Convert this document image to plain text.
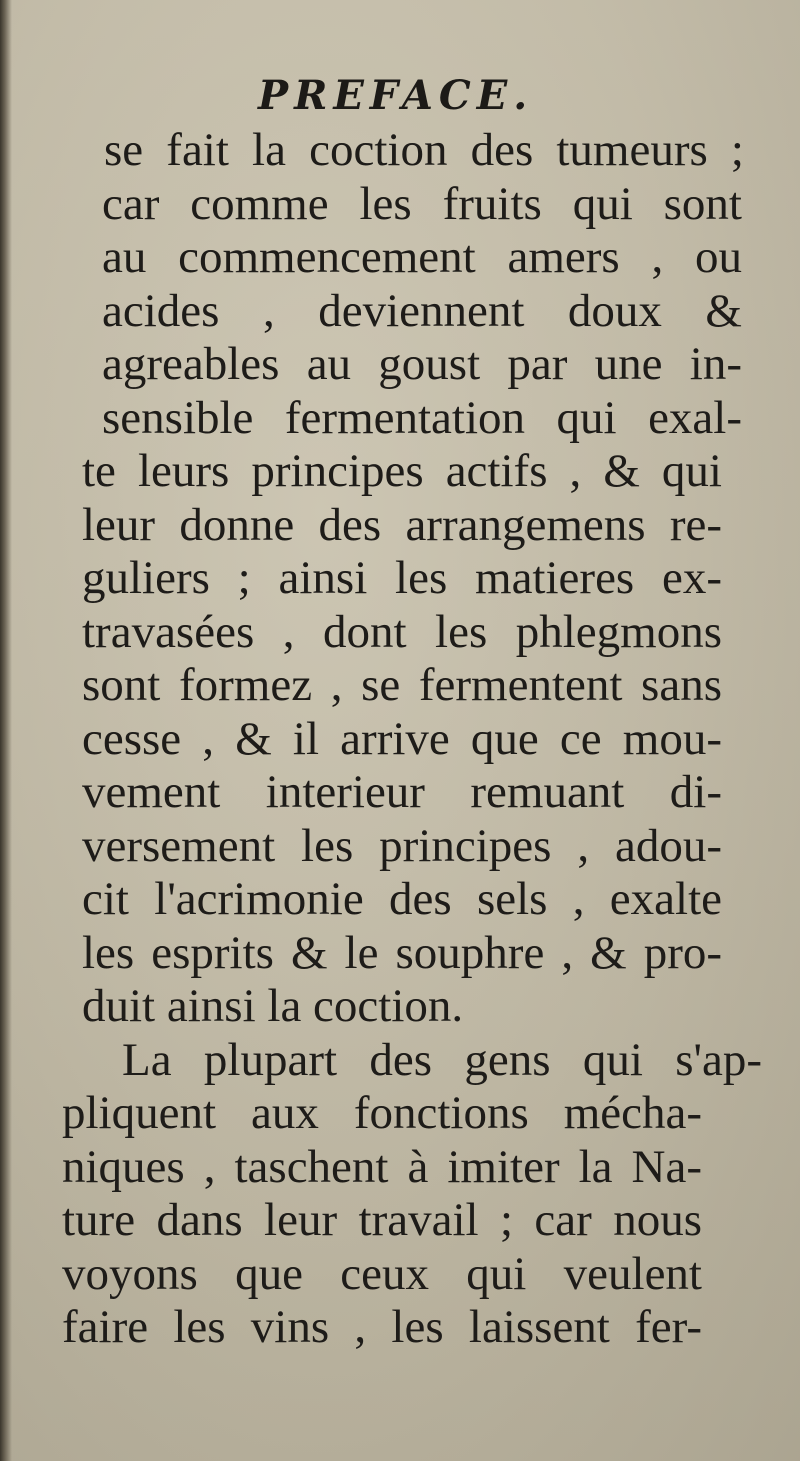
PREFACE.
se fait la coction des tumeurs ;
car comme les fruits qui sont
au commencement amers , ou
acides , deviennent doux &
agreables au goust par une in-
sensible fermentation qui exal-
te leurs principes actifs , & qui
leur donne des arrangemens re-
guliers ; ainsi les matieres ex-
travasées , dont les phlegmons
sont formez , se fermentent sans
cesse , & il arrive que ce mou-
vement interieur remuant di-
versement les principes , adou-
cit l'acrimonie des sels , exalte
les esprits & le souphre , & pro-
duit ainsi la coction.
La plupart des gens qui s'ap-
pliquent aux fonctions mécha-
niques , taschent à imiter la Na-
ture dans leur travail ; car nous
voyons que ceux qui veulent
faire les vins , les laissent fer-
